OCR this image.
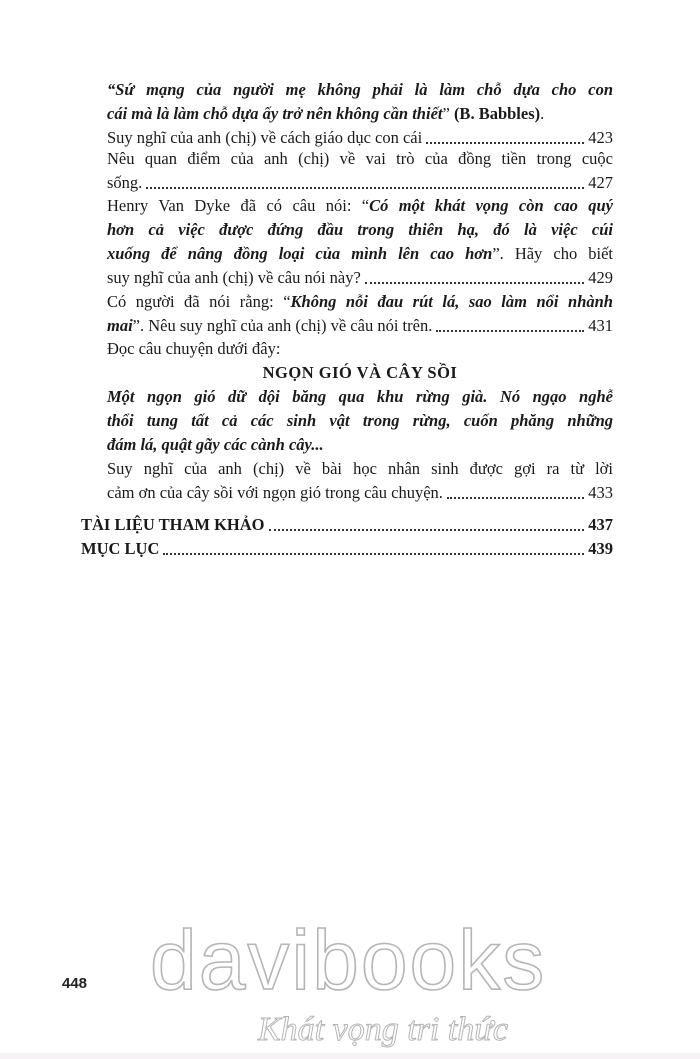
“Sứ mạng của người mẹ không phải là làm chỗ dựa cho con
cái mà là làm chỗ dựa ấy trở nên không cần thiết” (B. Babbles).
Suy nghĩ của anh (chị) về cách giáo dục con cái	423
Nêu quan điểm của anh (chị) về vai trò của đồng tiền trong cuộc
sống.	427
Henry Van Dyke đã có câu nói: “Có một khát vọng còn cao quý
hơn cả việc được đứng đầu trong thiên hạ, đó là việc cúi
xuống để nâng đồng loại của mình lên cao hơn”. Hãy cho biết
suy nghĩ của anh (chị) về câu nói này?	429
Có người đã nói rằng: “Không nỗi đau rút lá, sao làm nổi nhành
mai”. Nêu suy nghĩ của anh (chị) về câu nói trên.	431
Đọc câu chuyện dưới đây:
NGỌN GIÓ VÀ CÂY SỒI
Một ngọn gió dữ dội băng qua khu rừng già. Nó ngạo nghễ
thổi tung tất cả các sinh vật trong rừng, cuốn phăng những
đám lá, quật gãy các cành cây...
Suy nghĩ của anh (chị) về bài học nhân sinh được gợi ra từ lời
cảm ơn của cây sồi với ngọn gió trong câu chuyện.	433
TÀI LIỆU THAM KHẢO	437
MỤC LỤC	439
448 davibooks
Khát vọng tri thức
